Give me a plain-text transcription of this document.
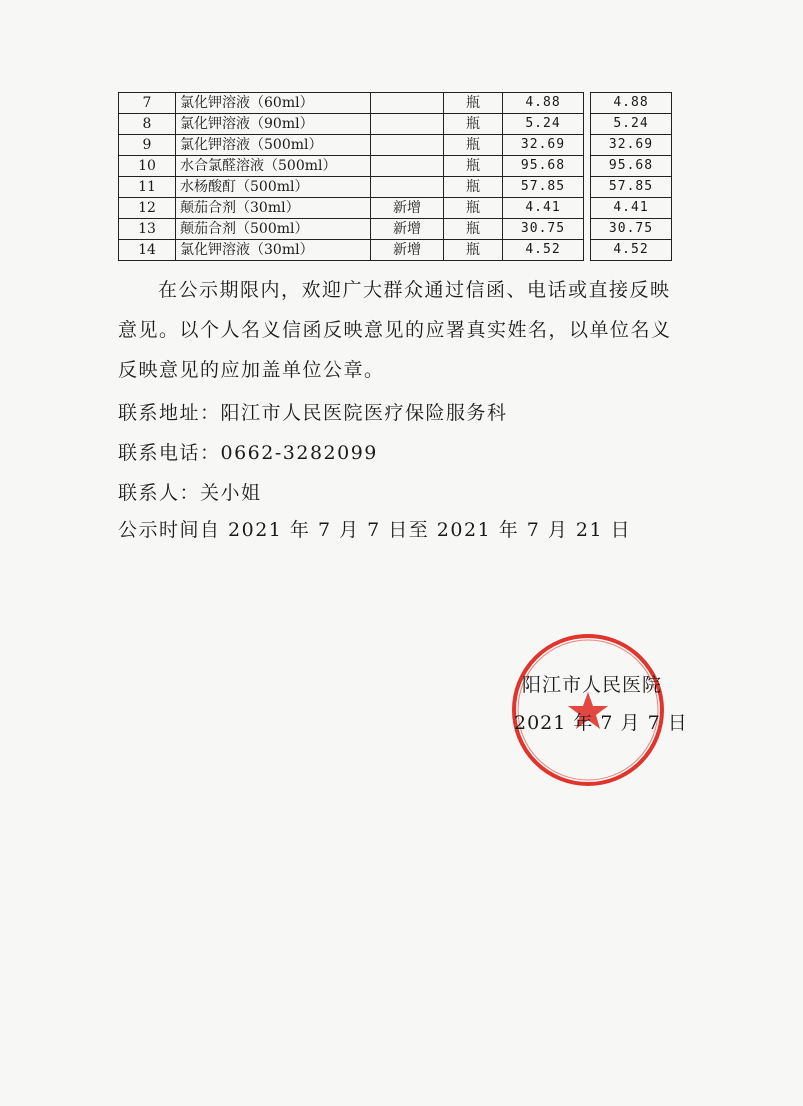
7	氯化钾溶液（60ml）		瓶	4.88		4.88
8	氯化钾溶液（90ml）		瓶	5.24		5.24
9	氯化钾溶液（500ml）		瓶	32.69		32.69
10	水合氯醛溶液（500ml）		瓶	95.68		95.68
11	水杨酸酊（500ml）		瓶	57.85		57.85
12	颠茄合剂（30ml）	新增	瓶	4.41		4.41
13	颠茄合剂（500ml）	新增	瓶	30.75		30.75
14	氯化钾溶液（30ml）	新增	瓶	4.52		4.52
在公示期限内，欢迎广大群众通过信函、电话或直接反映意见。以个人名义信函反映意见的应署真实姓名，以单位名义反映意见的应加盖单位公章。
联系地址：阳江市人民医院医疗保险服务科
联系电话：0662-3282099
联系人：关小姐
公示时间自 2021 年 7 月 7 日至 2021 年 7 月 21 日
阳江市人民医院
2021 年 7 月 7 日
